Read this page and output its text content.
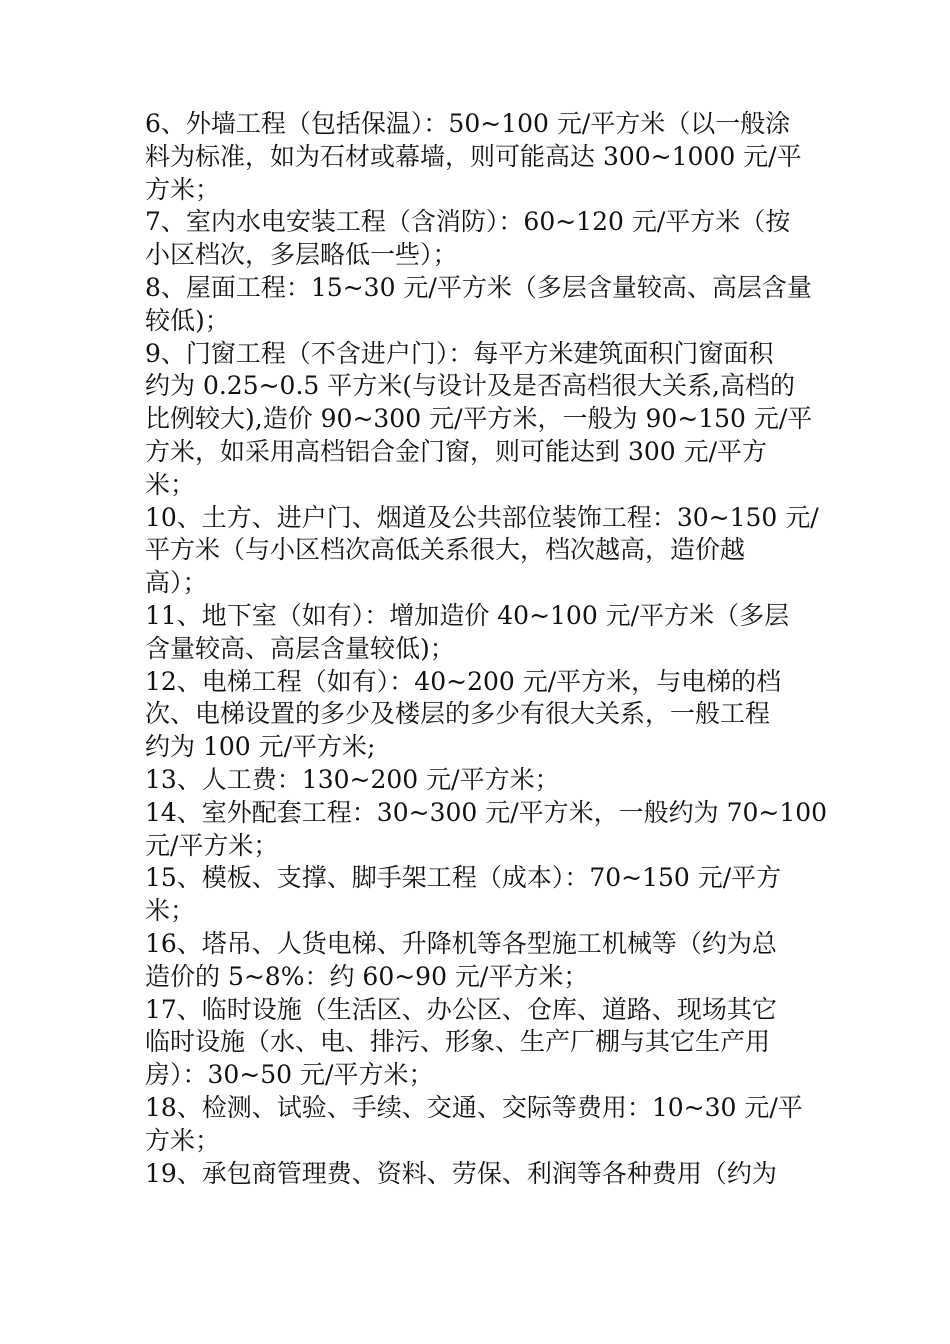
6、外墙工程（包括保温）：50~100 元/平方米（以一般涂
料为标准，如为石材或幕墙，则可能高达 300~1000 元/平
方米；
7、室内水电安装工程（含消防）：60~120 元/平方米（按
小区档次，多层略低一些）；
8、屋面工程：15~30 元/平方米（多层含量较高、高层含量
较低)；
9、门窗工程（不含进户门）：每平方米建筑面积门窗面积
约为 0.25~0.5 平方米(与设计及是否高档很大关系,高档的
比例较大),造价 90~300 元/平方米，一般为 90~150 元/平
方米，如采用高档铝合金门窗，则可能达到 300 元/平方
米；
10、土方、进户门、烟道及公共部位装饰工程：30~150 元/
平方米（与小区档次高低关系很大，档次越高，造价越
高）；
11、地下室（如有）：增加造价 40~100 元/平方米（多层
含量较高、高层含量较低)；
12、电梯工程（如有）：40~200 元/平方米，与电梯的档
次、电梯设置的多少及楼层的多少有很大关系，一般工程
约为 100 元/平方米;
13、人工费：130~200 元/平方米；
14、室外配套工程：30~300 元/平方米，一般约为 70~100
元/平方米；
15、模板、支撑、脚手架工程（成本）：70~150 元/平方
米；
16、塔吊、人货电梯、升降机等各型施工机械等（约为总
造价的 5~8%：约 60~90 元/平方米；
17、临时设施（生活区、办公区、仓库、道路、现场其它
临时设施（水、电、排污、形象、生产厂棚与其它生产用
房）：30~50 元/平方米；
18、检测、试验、手续、交通、交际等费用：10~30 元/平
方米；
19、承包商管理费、资料、劳保、利润等各种费用（约为
